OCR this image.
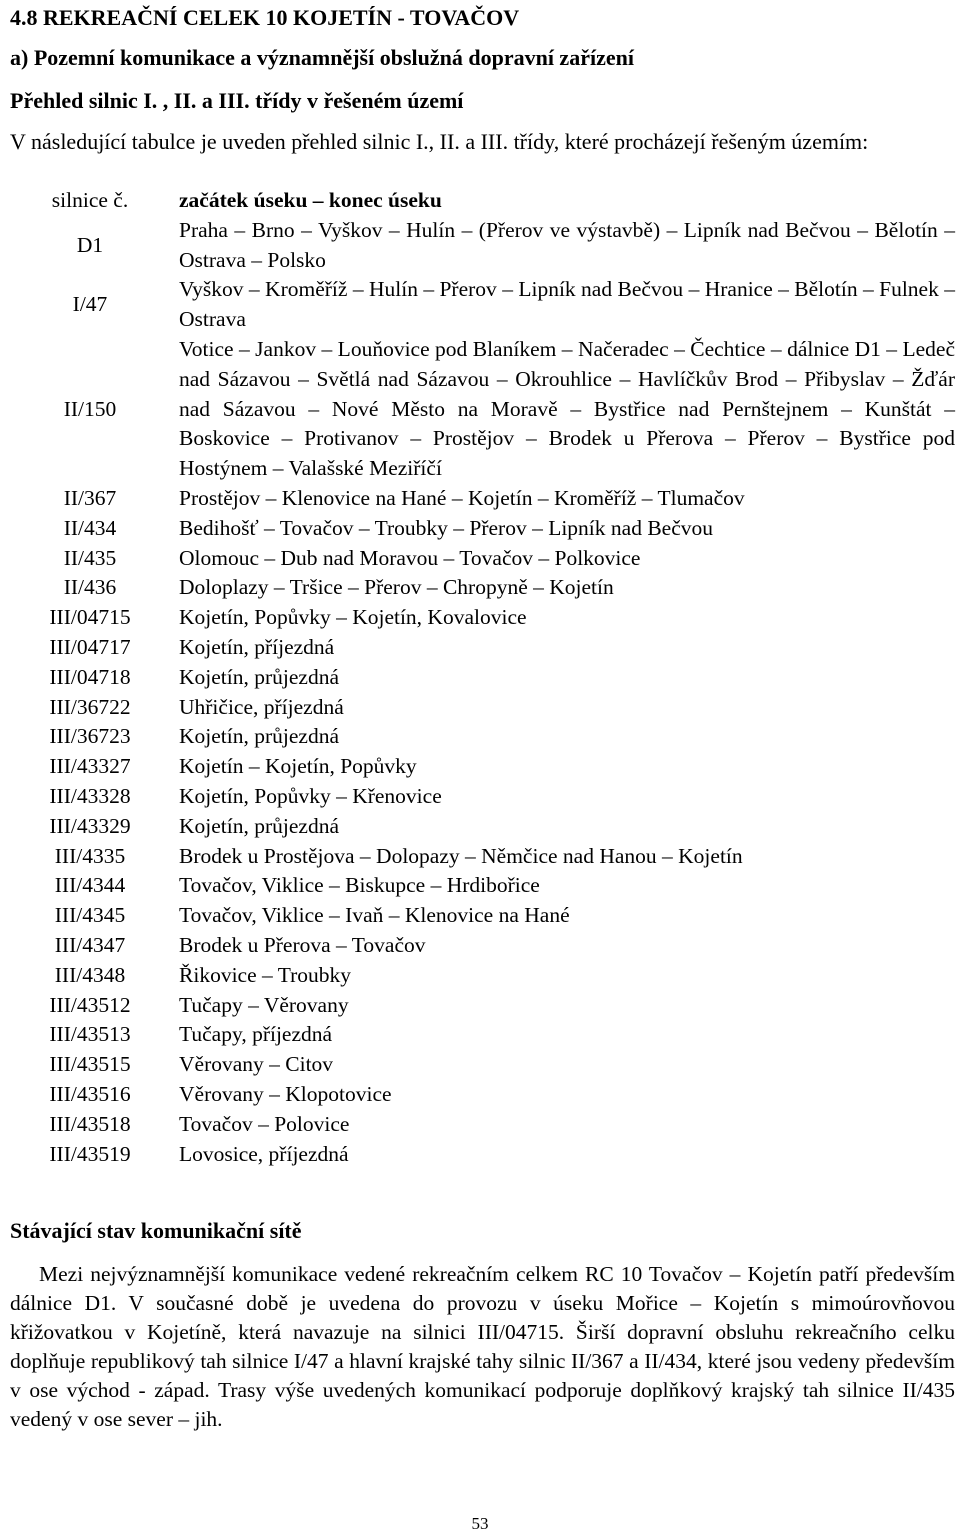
4.8 REKREAČNÍ CELEK 10 KOJETÍN - TOVAČOV
a) Pozemní komunikace a významnější obslužná dopravní zařízení
Přehled silnic I. , II. a III. třídy v řešeném území
V následující tabulce je uveden přehled silnic I., II. a III. třídy, které procházejí řešeným územím:
silnice č.	začátek úseku – konec úseku
D1	Praha – Brno – Vyškov – Hulín – (Přerov ve výstavbě) – Lipník nad Bečvou – Bělotín – Ostrava – Polsko
I/47	Vyškov – Kroměříž – Hulín – Přerov – Lipník nad Bečvou – Hranice – Bělotín – Fulnek – Ostrava
II/150	Votice – Jankov – Louňovice pod Blaníkem – Načeradec – Čechtice – dálnice D1 – Ledeč nad Sázavou – Světlá nad Sázavou – Okrouhlice – Havlíčkův Brod – Přibyslav – Žďár nad Sázavou – Nové Město na Moravě – Bystřice nad Pernštejnem – Kunštát – Boskovice – Protivanov – Prostějov – Brodek u Přerova – Přerov – Bystřice pod Hostýnem – Valašské Meziříčí
II/367	Prostějov – Klenovice na Hané – Kojetín – Kroměříž – Tlumačov
II/434	Bedihošť – Tovačov – Troubky – Přerov – Lipník nad Bečvou
II/435	Olomouc – Dub nad Moravou – Tovačov – Polkovice
II/436	Doloplazy – Tršice – Přerov – Chropyně – Kojetín
III/04715	Kojetín, Popůvky – Kojetín, Kovalovice
III/04717	Kojetín, příjezdná
III/04718	Kojetín, průjezdná
III/36722	Uhřičice, příjezdná
III/36723	Kojetín, průjezdná
III/43327	Kojetín – Kojetín, Popůvky
III/43328	Kojetín, Popůvky – Křenovice
III/43329	Kojetín, průjezdná
III/4335	Brodek u Prostějova – Dolopazy – Němčice nad Hanou – Kojetín
III/4344	Tovačov, Viklice – Biskupce – Hrdibořice
III/4345	Tovačov, Viklice – Ivaň – Klenovice na Hané
III/4347	Brodek u Přerova – Tovačov
III/4348	Řikovice – Troubky
III/43512	Tučapy – Věrovany
III/43513	Tučapy, příjezdná
III/43515	Věrovany – Citov
III/43516	Věrovany – Klopotovice
III/43518	Tovačov – Polovice
III/43519	Lovosice, příjezdná
Stávající stav komunikační sítě

Mezi nejvýznamnější komunikace vedené rekreačním celkem RC 10 Tovačov – Kojetín patří především dálnice D1. V současné době je uvedena do provozu v úseku Mořice – Kojetín s mimoúrovňovou křižovatkou v Kojetíně, která navazuje na silnici III/04715. Širší dopravní obsluhu rekreačního celku doplňuje republikový tah silnice I/47 a hlavní krajské tahy silnic II/367 a II/434, které jsou vedeny především v ose východ - západ. Trasy výše uvedených komunikací podporuje doplňkový krajský tah silnice II/435 vedený v ose sever – jih.

53
